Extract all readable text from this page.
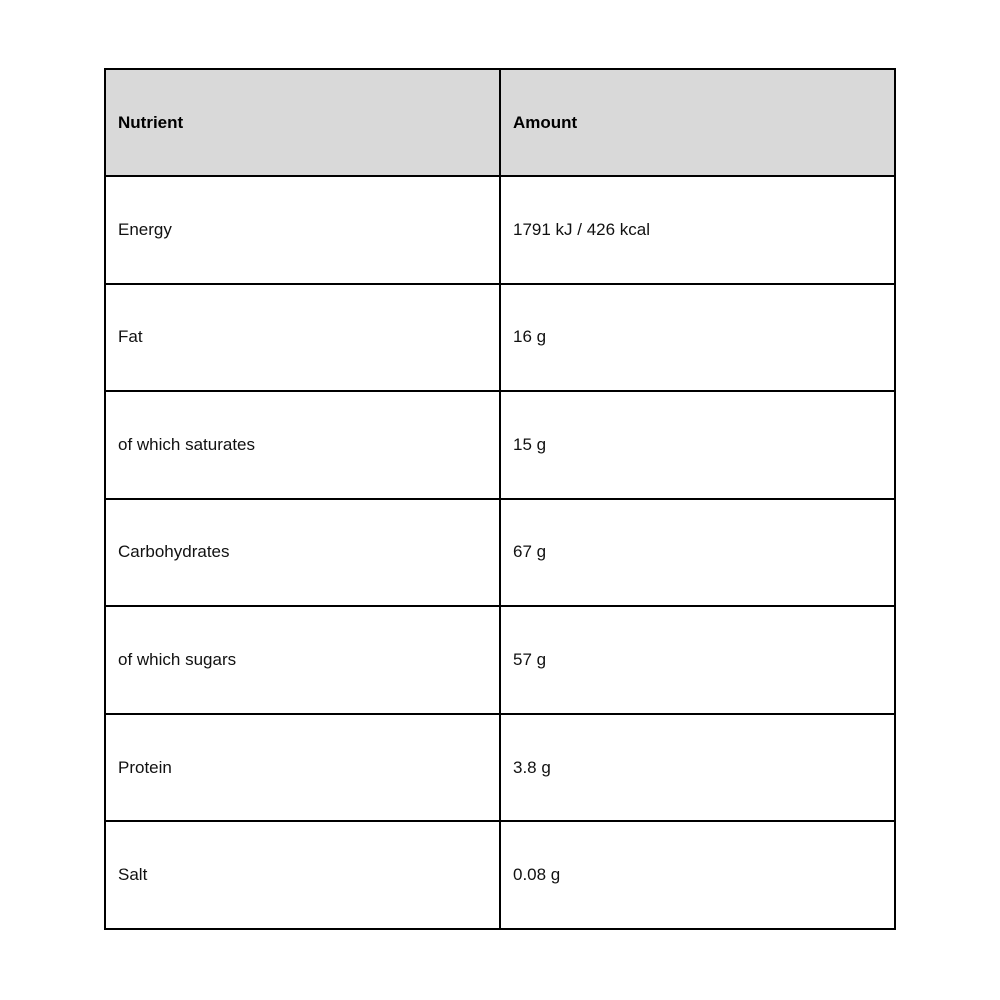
Nutrient	Amount
Energy	1791 kJ / 426 kcal
Fat	16 g
of which saturates	15 g
Carbohydrates	67 g
of which sugars	57 g
Protein	3.8 g
Salt	0.08 g
